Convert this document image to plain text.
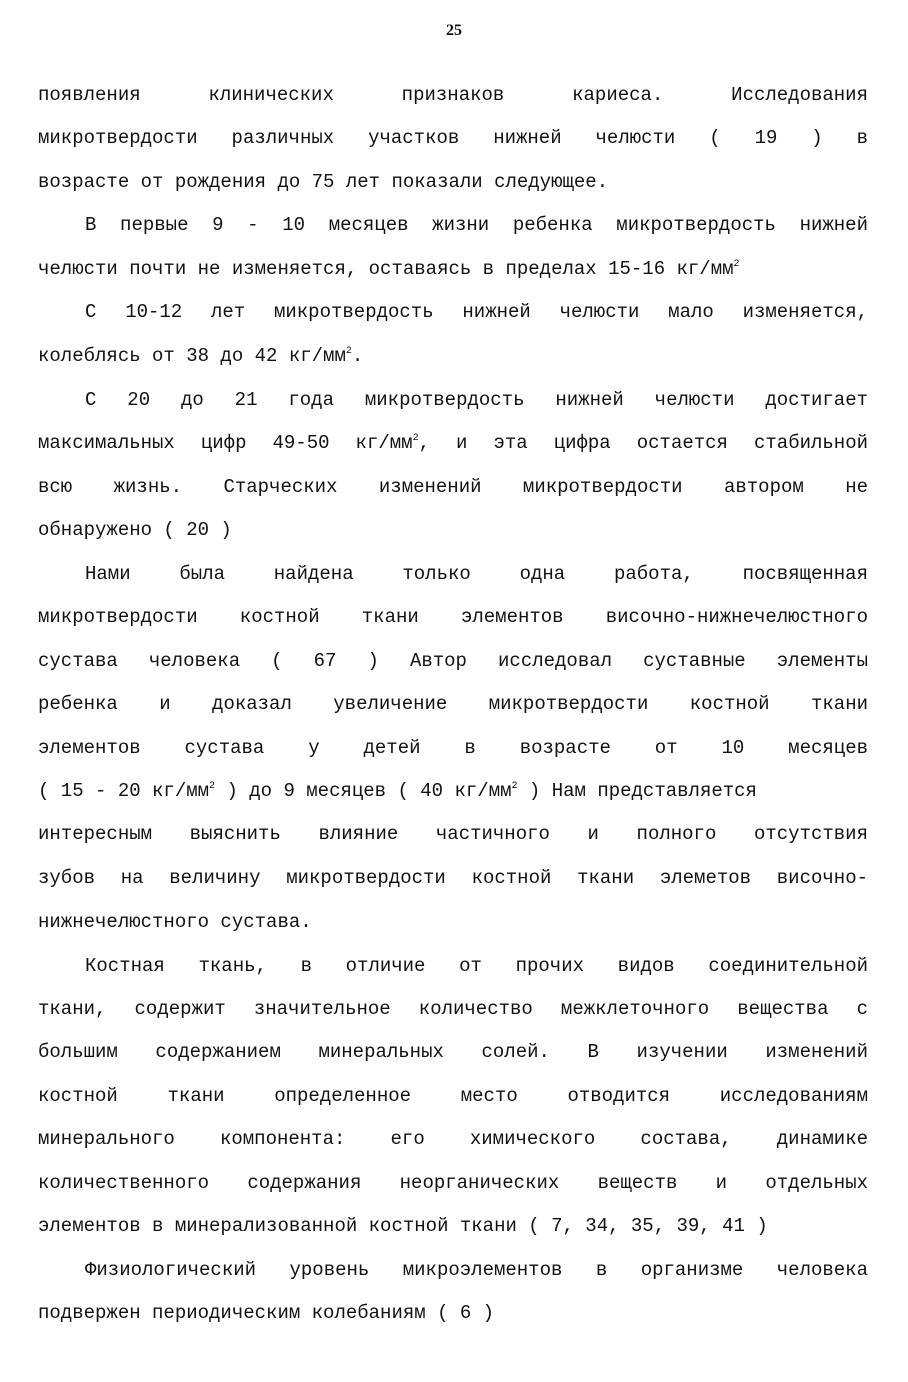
25
появления клинических признаков кариеса. Исследования
микротвердости различных участков нижней челюсти ( 19 ) в
возрасте от рождения до 75 лет показали следующее.
В первые 9 - 10 месяцев жизни ребенка микротвердость нижней
челюсти почти не изменяется, оставаясь в пределах 15-16 $кг/мм^2$
С 10-12 лет микротвердость нижней челюсти мало изменяется,
колеблясь от 38 до 42 $кг/мм^2$.
С 20 до 21 года микротвердость нижней челюсти достигает
максимальных цифр 49-50 $кг/мм^2$, и эта цифра остается стабильной
всю жизнь. Старческих изменений микротвердости автором не
обнаружено ( 20 )
Нами была найдена только одна работа, посвященная
микротвердости костной ткани элементов височно-нижнечелюстного
сустава человека ( 67 ) Автор исследовал суставные элементы
ребенка и доказал увеличение микротвердости костной ткани
элементов сустава у детей в возрасте от 10 месяцев
( 15 - 20 $кг/мм^2$ ) до 9 месяцев ( 40 $кг/мм^2$ ) Нам представляется
интересным выяснить влияние частичного и полного отсутствия
зубов на величину микротвердости костной ткани элеметов височно-
нижнечелюстного сустава.
Костная ткань, в отличие от прочих видов соединительной
ткани, содержит значительное количество межклеточного вещества с
большим содержанием минеральных солей. В изучении изменений
костной ткани определенное место отводится исследованиям
минерального компонента: его химического состава, динамике
количественного содержания неорганических веществ и отдельных
элементов в минерализованной костной ткани ( 7, 34, 35, 39, 41 )
Физиологический уровень микроэлементов в организме человека
подвержен периодическим колебаниям ( 6 )
